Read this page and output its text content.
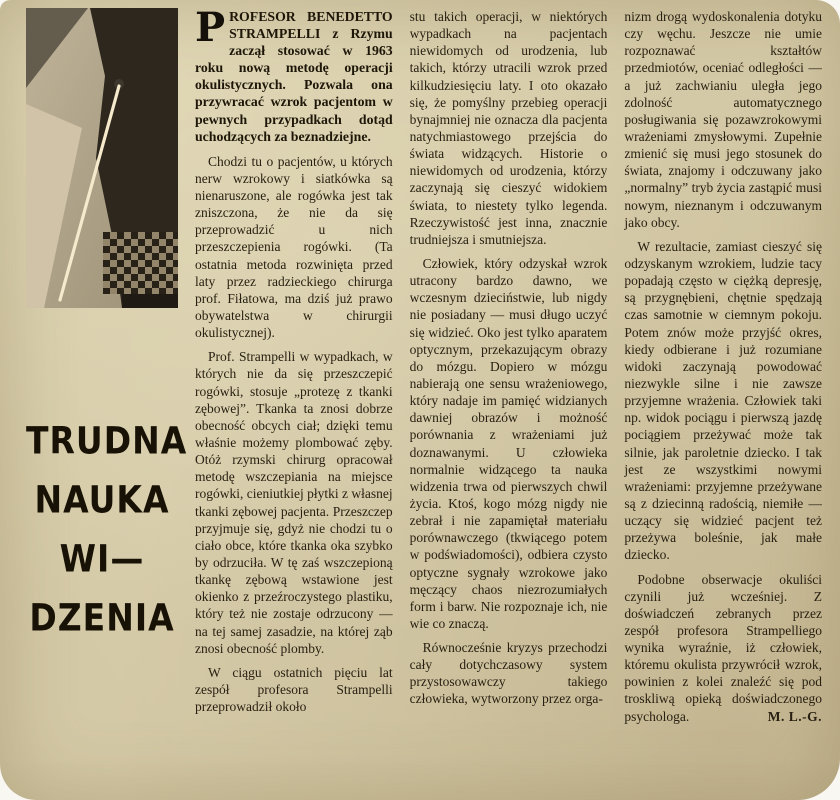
TRUDNA
NAUKA
WI—
DZENIA

P ROFESOR BENEDETTO STRAMPELLI z Rzymu zaczął stosować w 1963 roku nową metodę operacji okulistycznych. Pozwala ona przywracać wzrok pacjentom w pewnych przypadkach dotąd uchodzących za beznadziejne.

Chodzi tu o pacjentów, u których nerw wzrokowy i siatkówka są nienaruszone, ale rogówka jest tak zniszczona, że nie da się przeprowadzić u nich przeszczepienia rogówki. (Ta ostatnia metoda rozwinięta przed laty przez radzieckiego chirurga prof. Fiłatowa, ma dziś już prawo obywatelstwa w chirurgii okulistycznej).

Prof. Strampelli w wypadkach, w których nie da się przeszczepić rogówki, stosuje „protezę z tkanki zębowej”. Tkanka ta znosi dobrze obecność obcych ciał; dzięki temu właśnie możemy plombować zęby. Otóż rzymski chirurg opracował metodę wszczepiania na miejsce rogówki, cieniutkiej płytki z własnej tkanki zębowej pacjenta. Przeszczep przyjmuje się, gdyż nie chodzi tu o ciało obce, które tkanka oka szybko by odrzuciła. W tę zaś wszczepioną tkankę zębową wstawione jest okienko z przeźroczystego plastiku, który też nie zostaje odrzucony — na tej samej zasadzie, na której ząb znosi obecność plomby.

W ciągu ostatnich pięciu lat zespół profesora Strampelli przeprowadził około

stu takich operacji, w niektórych wypadkach na pacjentach niewidomych od urodzenia, lub takich, którzy utracili wzrok przed kilkudziesięciu laty. I oto okazało się, że pomyślny przebieg operacji bynajmniej nie oznacza dla pacjenta natychmiastowego przejścia do świata widzących. Historie o niewidomych od urodzenia, którzy zaczynają się cieszyć widokiem świata, to niestety tylko legenda. Rzeczywistość jest inna, znacznie trudniejsza i smutniejsza.

Człowiek, który odzyskał wzrok utracony bardzo dawno, we wczesnym dzieciństwie, lub nigdy nie posiadany — musi długo uczyć się widzieć. Oko jest tylko aparatem optycznym, przekazującym obrazy do mózgu. Dopiero w mózgu nabierają one sensu wrażeniowego, który nadaje im pamięć widzianych dawniej obrazów i możność porównania z wrażeniami już doznawanymi. U człowieka normalnie widzącego ta nauka widzenia trwa od pierwszych chwil życia. Ktoś, kogo mózg nigdy nie zebrał i nie zapamiętał materiału porównawczego (tkwiącego potem w podświadomości), odbiera czysto optyczne sygnały wzrokowe jako męczący chaos niezrozumiałych form i barw. Nie rozpoznaje ich, nie wie co znaczą.

Równocześnie kryzys przechodzi cały dotychczasowy system przystosowawczy takiego człowieka, wytworzony przez orga-

nizm drogą wydoskonalenia dotyku czy węchu. Jeszcze nie umie rozpoznawać kształtów przedmiotów, oceniać odległości — a już zachwianiu uległa jego zdolność automatycznego posługiwania się pozawzrokowymi wrażeniami zmysłowymi. Zupełnie zmienić się musi jego stosunek do świata, znajomy i odczuwany jako „normalny” tryb życia zastąpić musi nowym, nieznanym i odczuwanym jako obcy.

W rezultacie, zamiast cieszyć się odzyskanym wzrokiem, ludzie tacy popadają często w ciężką depresję, są przygnębieni, chętnie spędzają czas samotnie w ciemnym pokoju. Potem znów może przyjść okres, kiedy odbierane i już rozumiane widoki zaczynają powodować niezwykle silne i nie zawsze przyjemne wrażenia. Człowiek taki np. widok pociągu i pierwszą jazdę pociągiem przeżywać może tak silnie, jak paroletnie dziecko. I tak jest ze wszystkimi nowymi wrażeniami: przyjemne przeżywane są z dziecinną radością, niemiłe — uczący się widzieć pacjent też przeżywa boleśnie, jak małe dziecko.

Podobne obserwacje okuliści czynili już wcześniej. Z doświadczeń zebranych przez zespół profesora Strampelliego wynika wyraźnie, iż człowiek, któremu okulista przywrócił wzrok, powinien z kolei znaleźć się pod troskliwą opieką doświadczonego psychologa.	M. L.-G.
